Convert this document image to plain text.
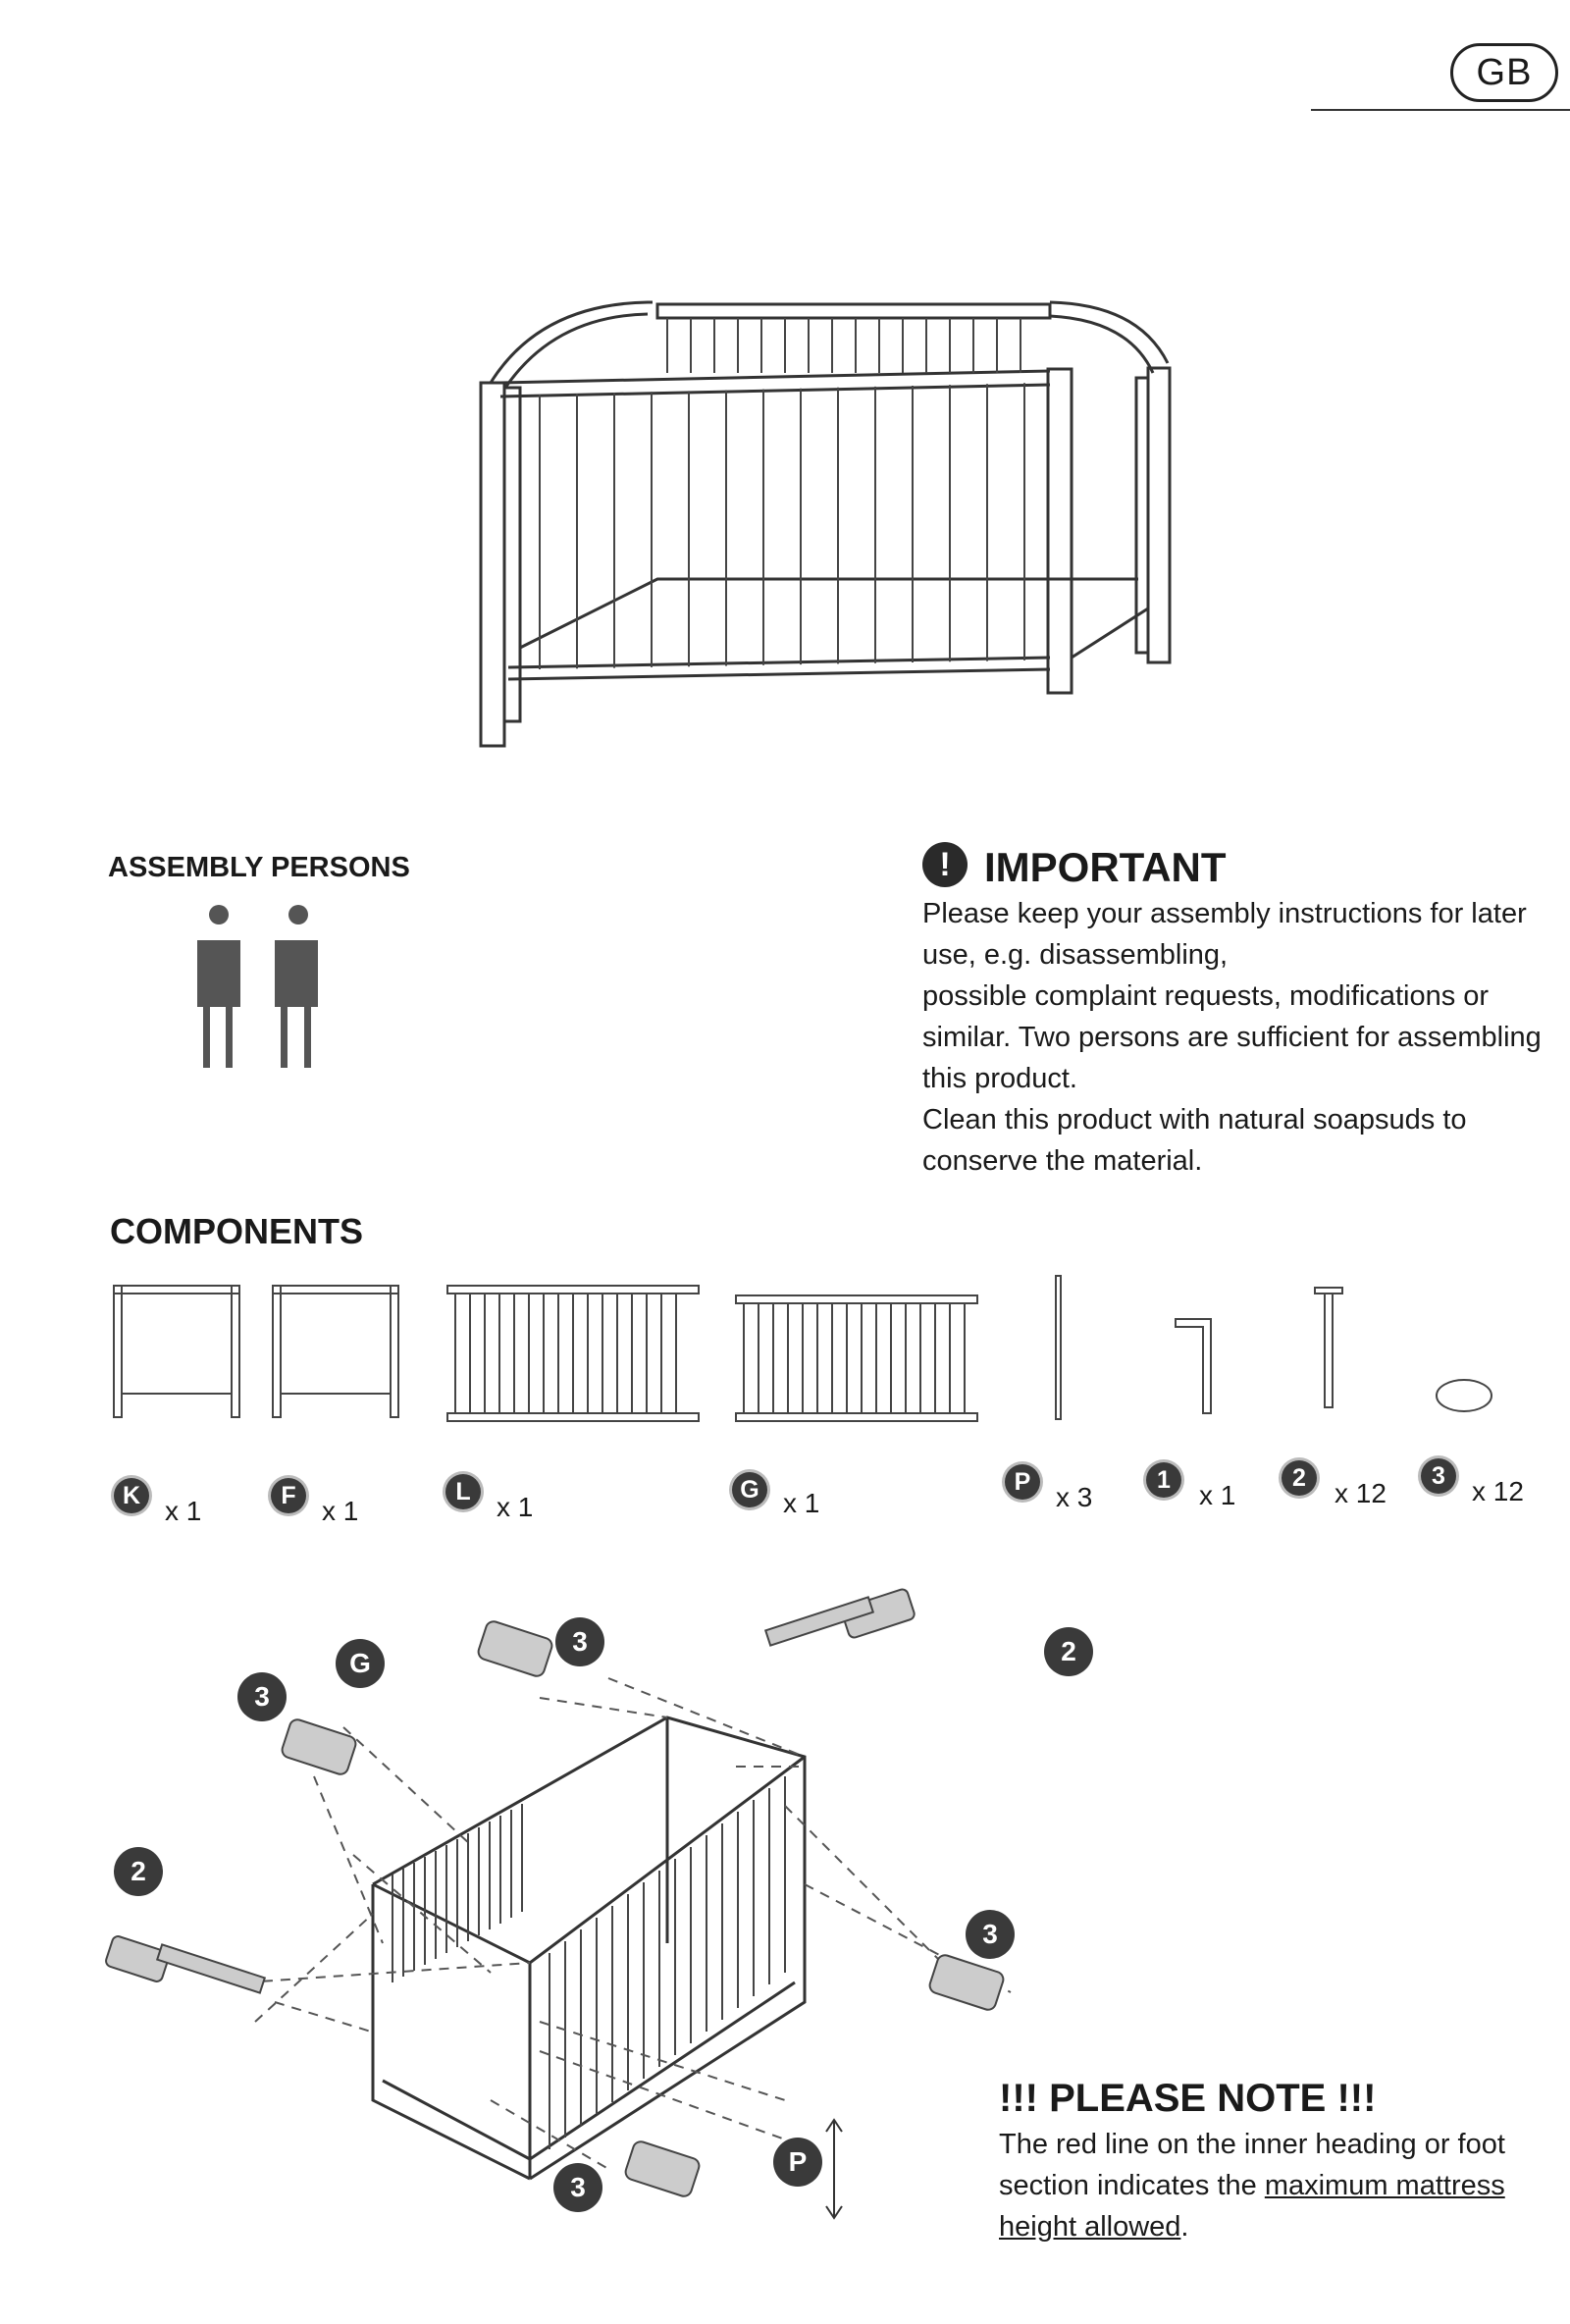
GB
ASSEMBLY PERSONS	! IMPORTANT

Please keep your assembly instructions for later use, e.g. disassembling,

possible complaint requests, modifications or similar. Two persons are sufficient for assembling this product.

Clean this product with natural soapsuds to conserve the material.

COMPONENTS
K x 1	F x 1
L x 1
G x 1
P x 3
1	x 1
2	x 12
3 x 12
3
G
3	2
2
3
P
3
!!! PLEASE NOTE !!!
The red line on the inner heading or foot section indicates the maximum mattress height allowed.
